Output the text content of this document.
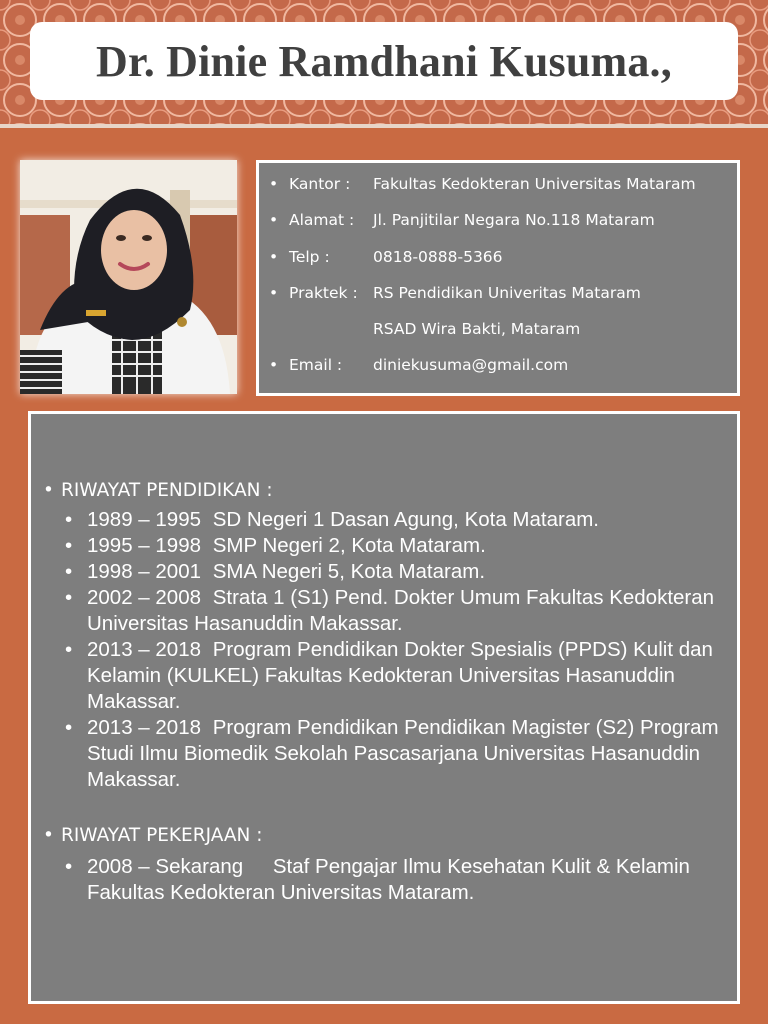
Dr. Dinie Ramdhani Kusuma.,
• Kantor : Fakultas Kedokteran Universitas Mataram
• Alamat : Jl. Panjitilar Negara No.118 Mataram
• Telp :	0818-0888-5366
• Praktek : RS Pendidikan Univeritas Mataram
RSAD Wira Bakti, Mataram
• Email : diniekusuma@gmail.com
• RIWAYAT PENDIDIKAN :
• 1989 – 1995 SD Negeri 1 Dasan Agung, Kota Mataram.
• 1995 – 1998 SMP Negeri 2, Kota Mataram.
• 1998 – 2001 SMA Negeri 5, Kota Mataram.
• 2002 – 2008 Strata 1 (S1) Pend. Dokter Umum Fakultas Kedokteran Universitas Hasanuddin Makassar.
• 2013 – 2018 Program Pendidikan Dokter Spesialis (PPDS) Kulit dan Kelamin (KULKEL) Fakultas Kedokteran Universitas Hasanuddin Makassar.
• 2013 – 2018 Program Pendidikan Pendidikan Magister (S2) Program Studi Ilmu Biomedik Sekolah Pascasarjana Universitas Hasanuddin Makassar.
• RIWAYAT PEKERJAAN :
• 2008 – Sekarang Staf Pengajar Ilmu Kesehatan Kulit & Kelamin Fakultas Kedokteran Universitas Mataram.
